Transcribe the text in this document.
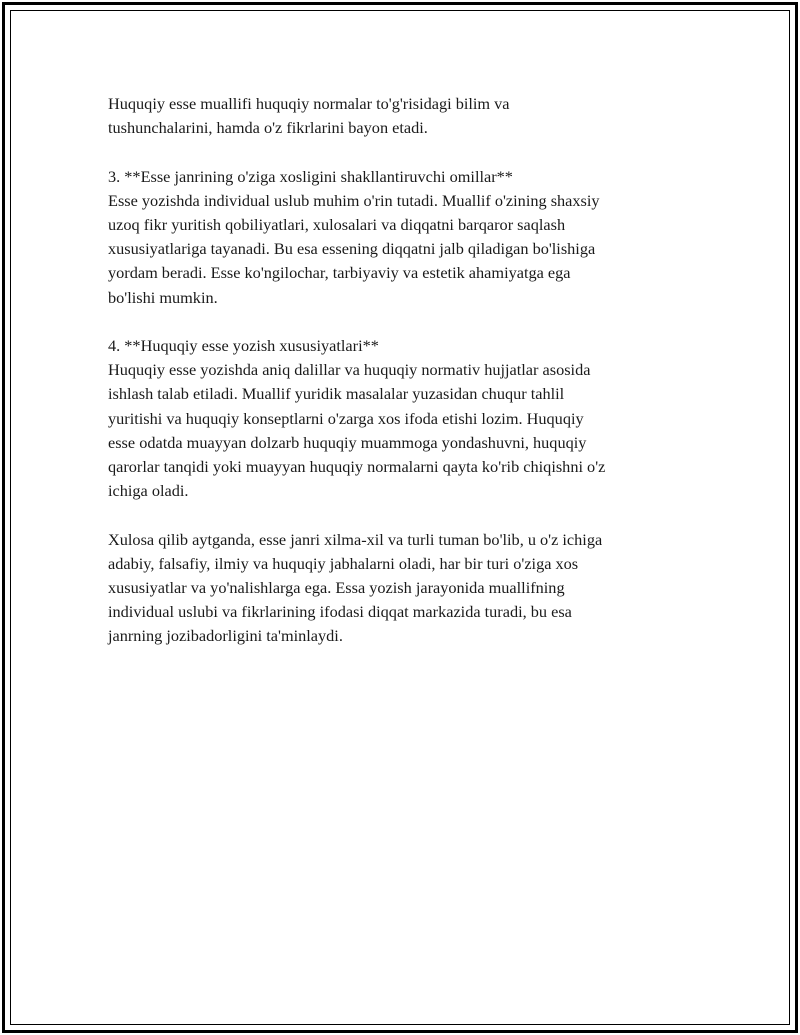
Huquqiy esse muallifi huquqiy normalar to'g'risidagi bilim va
tushunchalarini, hamda o'z fikrlarini bayon etadi.

3. **Esse janrining o'ziga xosligini shakllantiruvchi omillar**
Esse yozishda individual uslub muhim o'rin tutadi. Muallif o'zining shaxsiy
uzoq fikr yuritish qobiliyatlari, xulosalari va diqqatni barqaror saqlash
xususiyatlariga tayanadi. Bu esa essening diqqatni jalb qiladigan bo'lishiga
yordam beradi. Esse ko'ngilochar, tarbiyaviy va estetik ahamiyatga ega
bo'lishi mumkin.

4. **Huquqiy esse yozish xususiyatlari**
Huquqiy esse yozishda aniq dalillar va huquqiy normativ hujjatlar asosida
ishlash talab etiladi. Muallif yuridik masalalar yuzasidan chuqur tahlil
yuritishi va huquqiy konseptlarni o'zarga xos ifoda etishi lozim. Huquqiy
esse odatda muayyan dolzarb huquqiy muammoga yondashuvni, huquqiy
qarorlar tanqidi yoki muayyan huquqiy normalarni qayta ko'rib chiqishni o'z
ichiga oladi.

Xulosa qilib aytganda, esse janri xilma-xil va turli tuman bo'lib, u o'z ichiga
adabiy, falsafiy, ilmiy va huquqiy jabhalarni oladi, har bir turi o'ziga xos
xususiyatlar va yo'nalishlarga ega. Essa yozish jarayonida muallifning
individual uslubi va fikrlarining ifodasi diqqat markazida turadi, bu esa
janrning jozibadorligini ta'minlaydi.
